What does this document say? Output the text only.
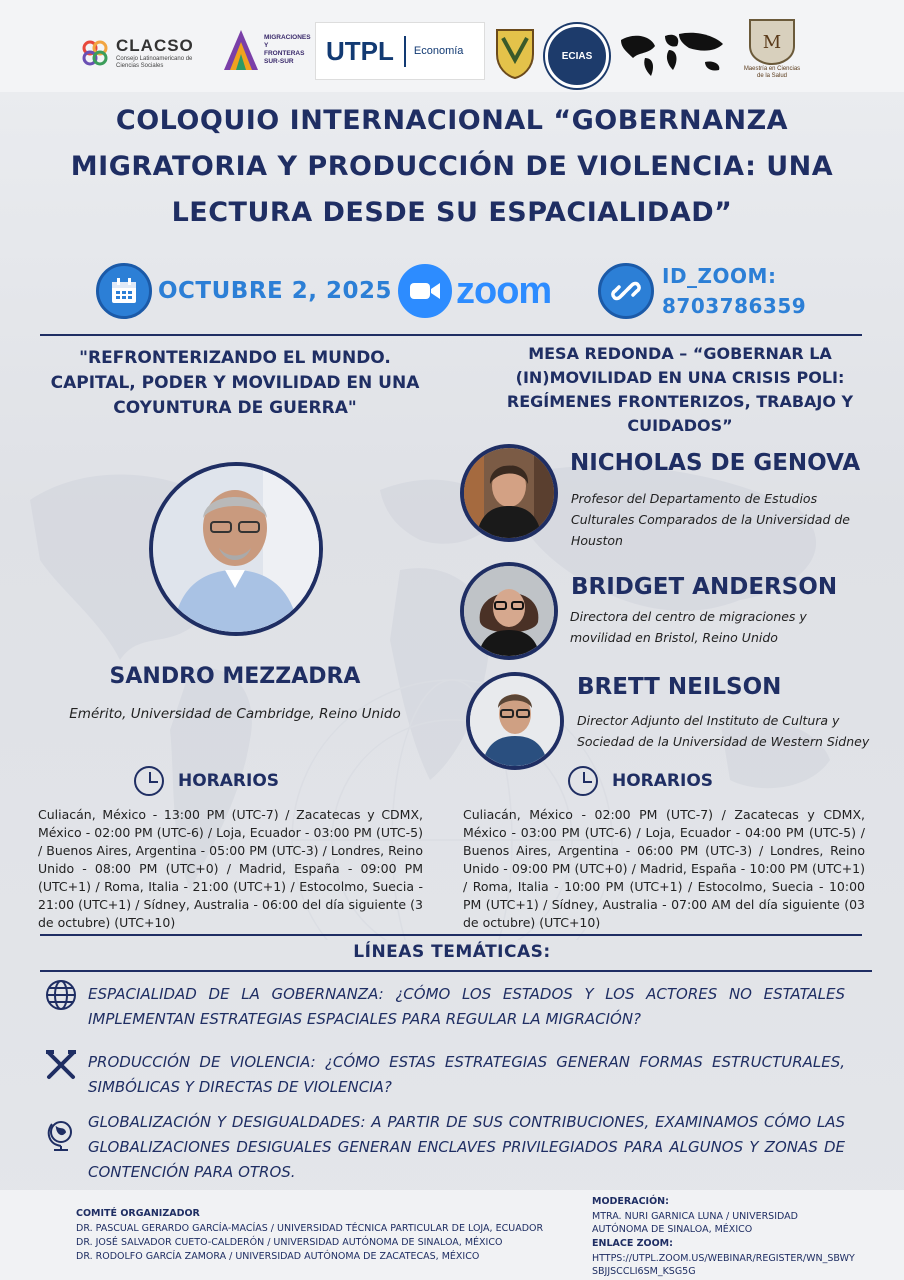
CLACSO
Consejo Latinoamericano de Ciencias Sociales
MIGRACIONES Y FRONTERAS SUR-SUR	UTPL	Economía	ECIAS
M
Maestría en Ciencias de la Salud
COLOQUIO INTERNACIONAL “GOBERNANZA MIGRATORIA Y PRODUCCIÓN DE VIOLENCIA: UNA LECTURA DESDE SU ESPACIALIDAD”
OCTUBRE 2, 2025 zoom	ID_ZOOM:
8703786359
"REFRONTERIZANDO EL MUNDO. CAPITAL, PODER Y MOVILIDAD EN UNA COYUNTURA DE GUERRA"
SANDRO MEZZADRA
Emérito, Universidad de Cambridge, Reino Unido
HORARIOS
Culiacán, México - 13:00 PM (UTC-7) / Zacatecas y CDMX, México - 02:00 PM (UTC-6) / Loja, Ecuador - 03:00 PM (UTC-5) / Buenos Aires, Argentina - 05:00 PM (UTC-3) / Londres, Reino Unido - 08:00 PM (UTC+0) / Madrid, España - 09:00 PM (UTC+1) / Roma, Italia - 21:00 (UTC+1) / Estocolmo, Suecia - 21:00 (UTC+1) / Sídney, Australia - 06:00 del día siguiente (3 de octubre) (UTC+10)
MESA REDONDA – “GOBERNAR LA (IN)MOVILIDAD EN UNA CRISIS POLI: REGÍMENES FRONTERIZOS, TRABAJO Y CUIDADOS”
NICHOLAS DE GENOVA
Profesor del Departamento de Estudios Culturales Comparados de la Universidad de Houston
BRIDGET ANDERSON
Directora del centro de migraciones y movilidad en Bristol, Reino Unido
BRETT NEILSON
Director Adjunto del Instituto de Cultura y Sociedad de la Universidad de Western Sidney
HORARIOS
Culiacán, México - 02:00 PM (UTC-7) / Zacatecas y CDMX, México - 03:00 PM (UTC-6) / Loja, Ecuador - 04:00 PM (UTC-5) / Buenos Aires, Argentina - 06:00 PM (UTC-3) / Londres, Reino Unido - 09:00 PM (UTC+0) / Madrid, España - 10:00 PM (UTC+1) / Roma, Italia - 10:00 PM (UTC+1) / Estocolmo, Suecia - 10:00 PM (UTC+1) / Sídney, Australia - 07:00 AM del día siguiente (03 de octubre) (UTC+10)
LÍNEAS TEMÁTICAS:
ESPACIALIDAD DE LA GOBERNANZA: ¿CÓMO LOS ESTADOS Y LOS ACTORES NO ESTATALES IMPLEMENTAN ESTRATEGIAS ESPACIALES PARA REGULAR LA MIGRACIÓN?
PRODUCCIÓN DE VIOLENCIA: ¿CÓMO ESTAS ESTRATEGIAS GENERAN FORMAS ESTRUCTURALES, SIMBÓLICAS Y DIRECTAS DE VIOLENCIA?
GLOBALIZACIÓN Y DESIGUALDADES: A PARTIR DE SUS CONTRIBUCIONES, EXAMINAMOS CÓMO LAS GLOBALIZACIONES DESIGUALES GENERAN ENCLAVES PRIVILEGIADOS PARA ALGUNOS Y ZONAS DE CONTENCIÓN PARA OTROS.
COMITÉ ORGANIZADOR
DR. PASCUAL GERARDO GARCÍA-MACÍAS / UNIVERSIDAD TÉCNICA PARTICULAR DE LOJA, ECUADOR
DR. JOSÉ SALVADOR CUETO-CALDERÓN / UNIVERSIDAD AUTÓNOMA DE SINALOA, MÉXICO
DR. RODOLFO GARCÍA ZAMORA / UNIVERSIDAD AUTÓNOMA DE ZACATECAS, MÉXICO
MODERACIÓN:
MTRA. NURI GARNICA LUNA / UNIVERSIDAD AUTÓNOMA DE SINALOA, MÉXICO
ENLACE ZOOM:
HTTPS://UTPL.ZOOM.US/WEBINAR/REGISTER/WN_SBWYSBJJSCCLI6SM_KSG5G
